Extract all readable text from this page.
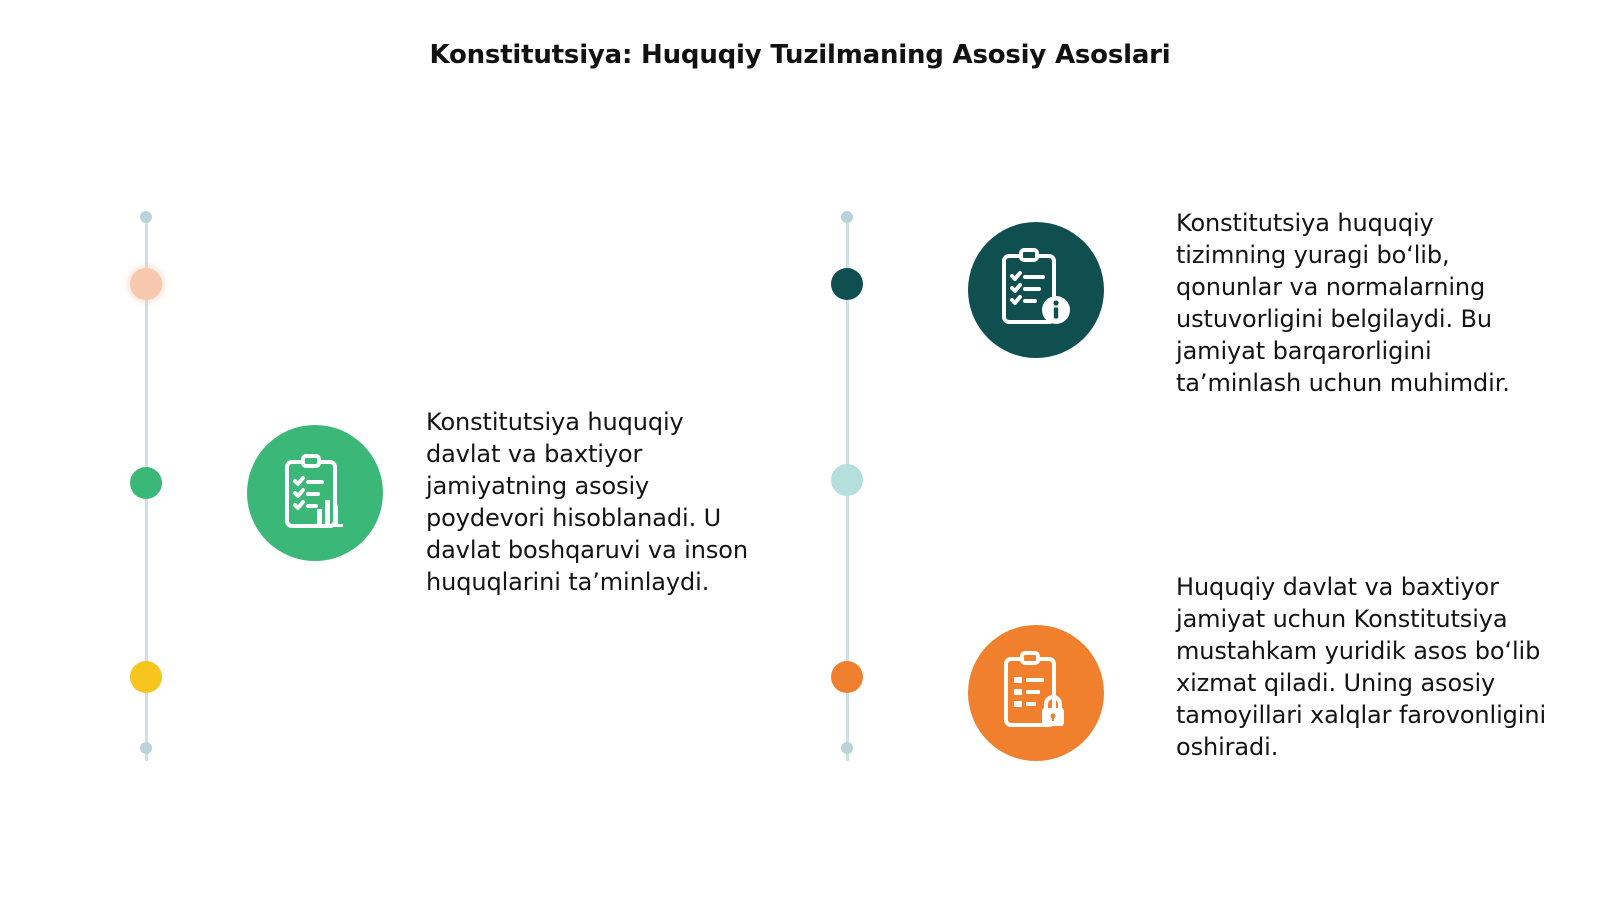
Konstitutsiya: Huquqiy Tuzilmaning Asosiy Asoslari
Konstitutsiya huquqiy davlat va baxtiyor jamiyatning asosiy poydevori hisoblanadi. U davlat boshqaruvi va inson huquqlarini ta’minlaydi.
Konstitutsiya huquqiy tizimning yuragi bo‘lib, qonunlar va normalarning ustuvorligini belgilaydi. Bu jamiyat barqarorligini ta’minlash uchun muhimdir.
Huquqiy davlat va baxtiyor jamiyat uchun Konstitutsiya mustahkam yuridik asos bo‘lib xizmat qiladi. Uning asosiy tamoyillari xalqlar farovonligini oshiradi.
